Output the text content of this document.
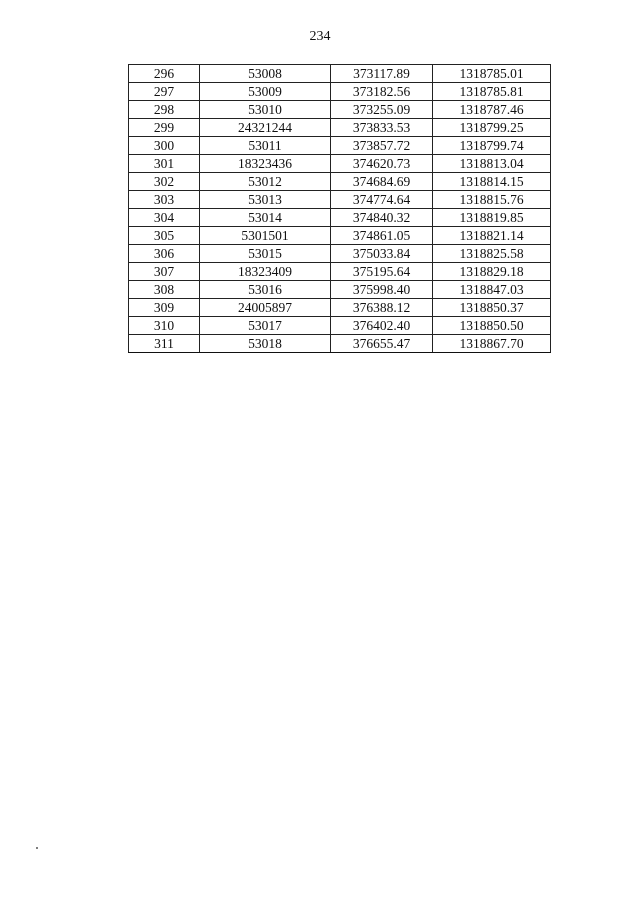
234
296	53008	373117.89	1318785.01
297	53009	373182.56	1318785.81
298	53010	373255.09	1318787.46
299	24321244	373833.53	1318799.25
300	53011	373857.72	1318799.74
301	18323436	374620.73	1318813.04
302	53012	374684.69	1318814.15
303	53013	374774.64	1318815.76
304	53014	374840.32	1318819.85
305	5301501	374861.05	1318821.14
306	53015	375033.84	1318825.58
307	18323409	375195.64	1318829.18
308	53016	375998.40	1318847.03
309	24005897	376388.12	1318850.37
310	53017	376402.40	1318850.50
311	53018	376655.47	1318867.70
